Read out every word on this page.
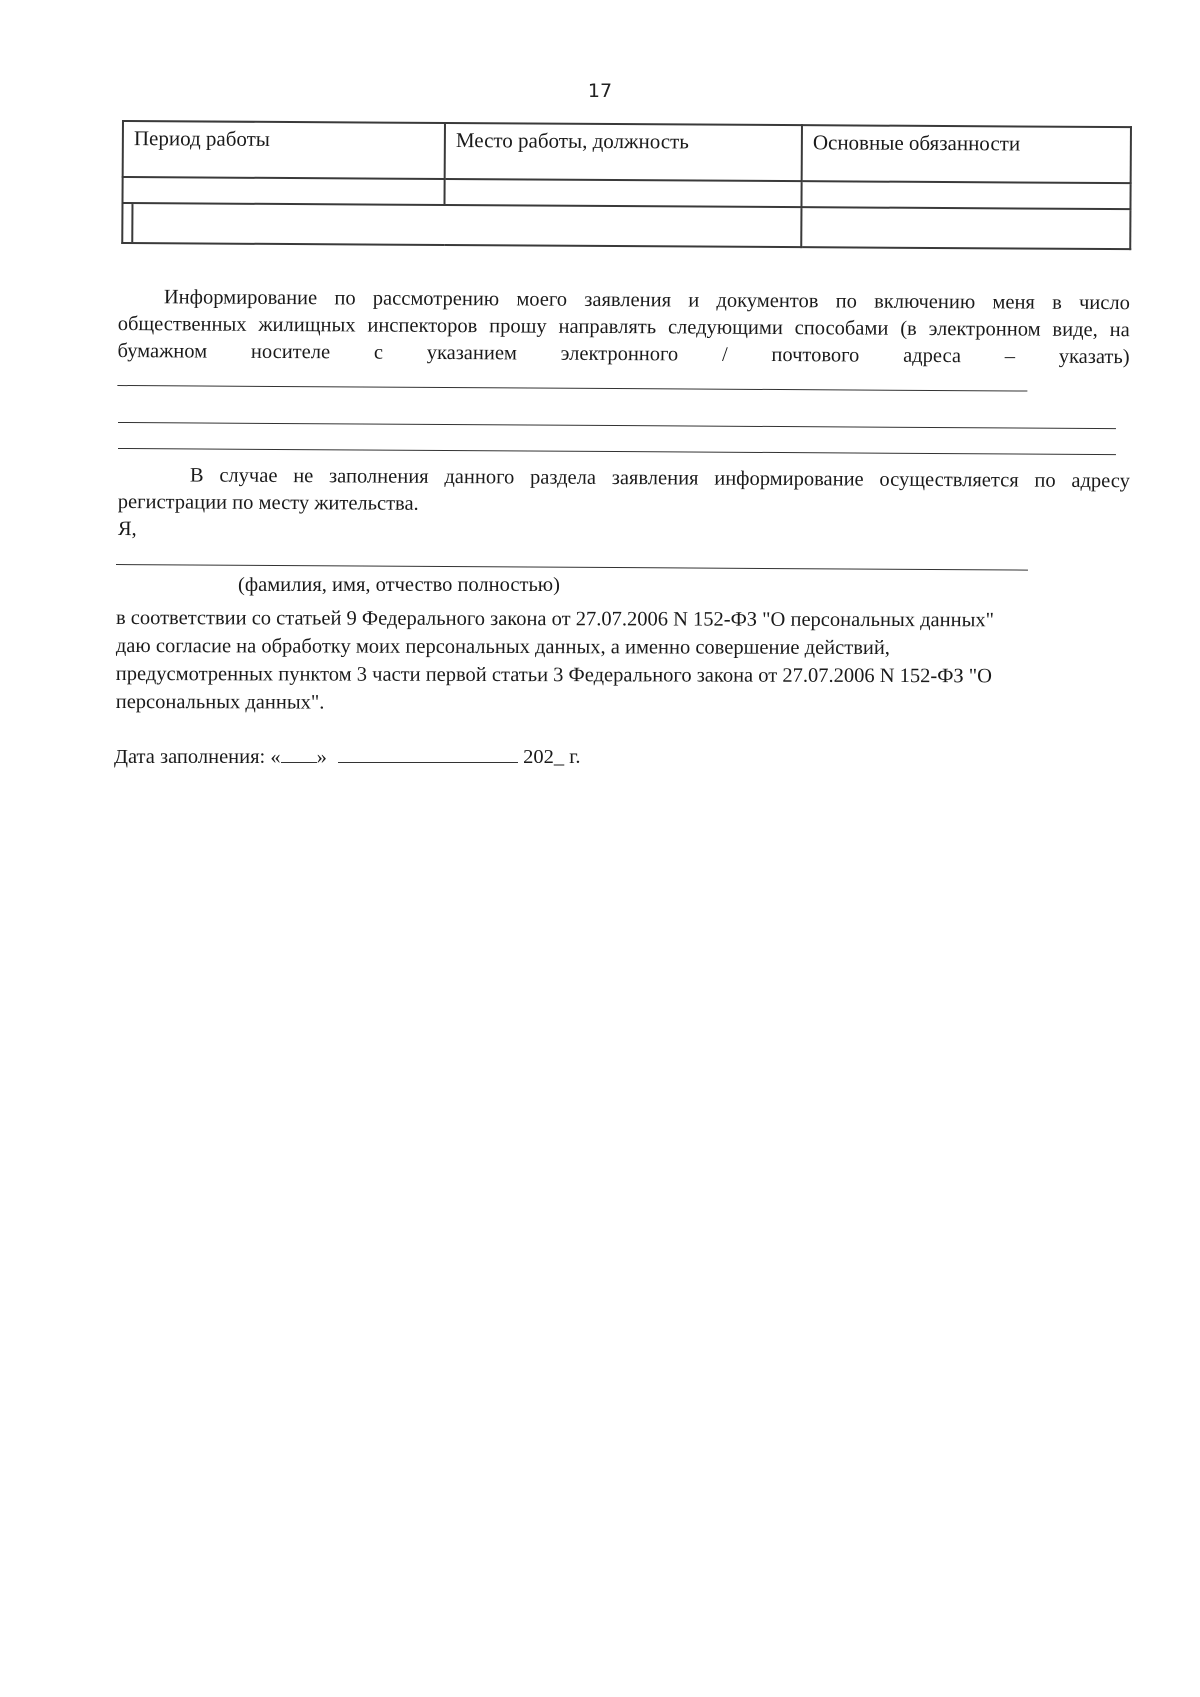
17
Период работы	Место работы, должность	Основные обязанности

Информирование по рассмотрению моего заявления и документов по включению меня в число общественных жилищных инспекторов прошу направлять следующими способами (в электронном виде, на бумажном носителе с указанием электронного / почтового адреса – указать)
В случае не заполнения данного раздела заявления информирование осуществляется по адресу регистрации по месту жительства.
Я,
(фамилия, имя, отчество полностью)
в соответствии со статьей 9 Федерального закона от 27.07.2006 N 152-ФЗ "О персональных данных" даю согласие на обработку моих персональных данных, а именно совершение действий, предусмотренных пунктом 3 части первой статьи 3 Федерального закона от 27.07.2006 N 152-ФЗ "О персональных данных".
Дата заполнения: « »	202_ г.
